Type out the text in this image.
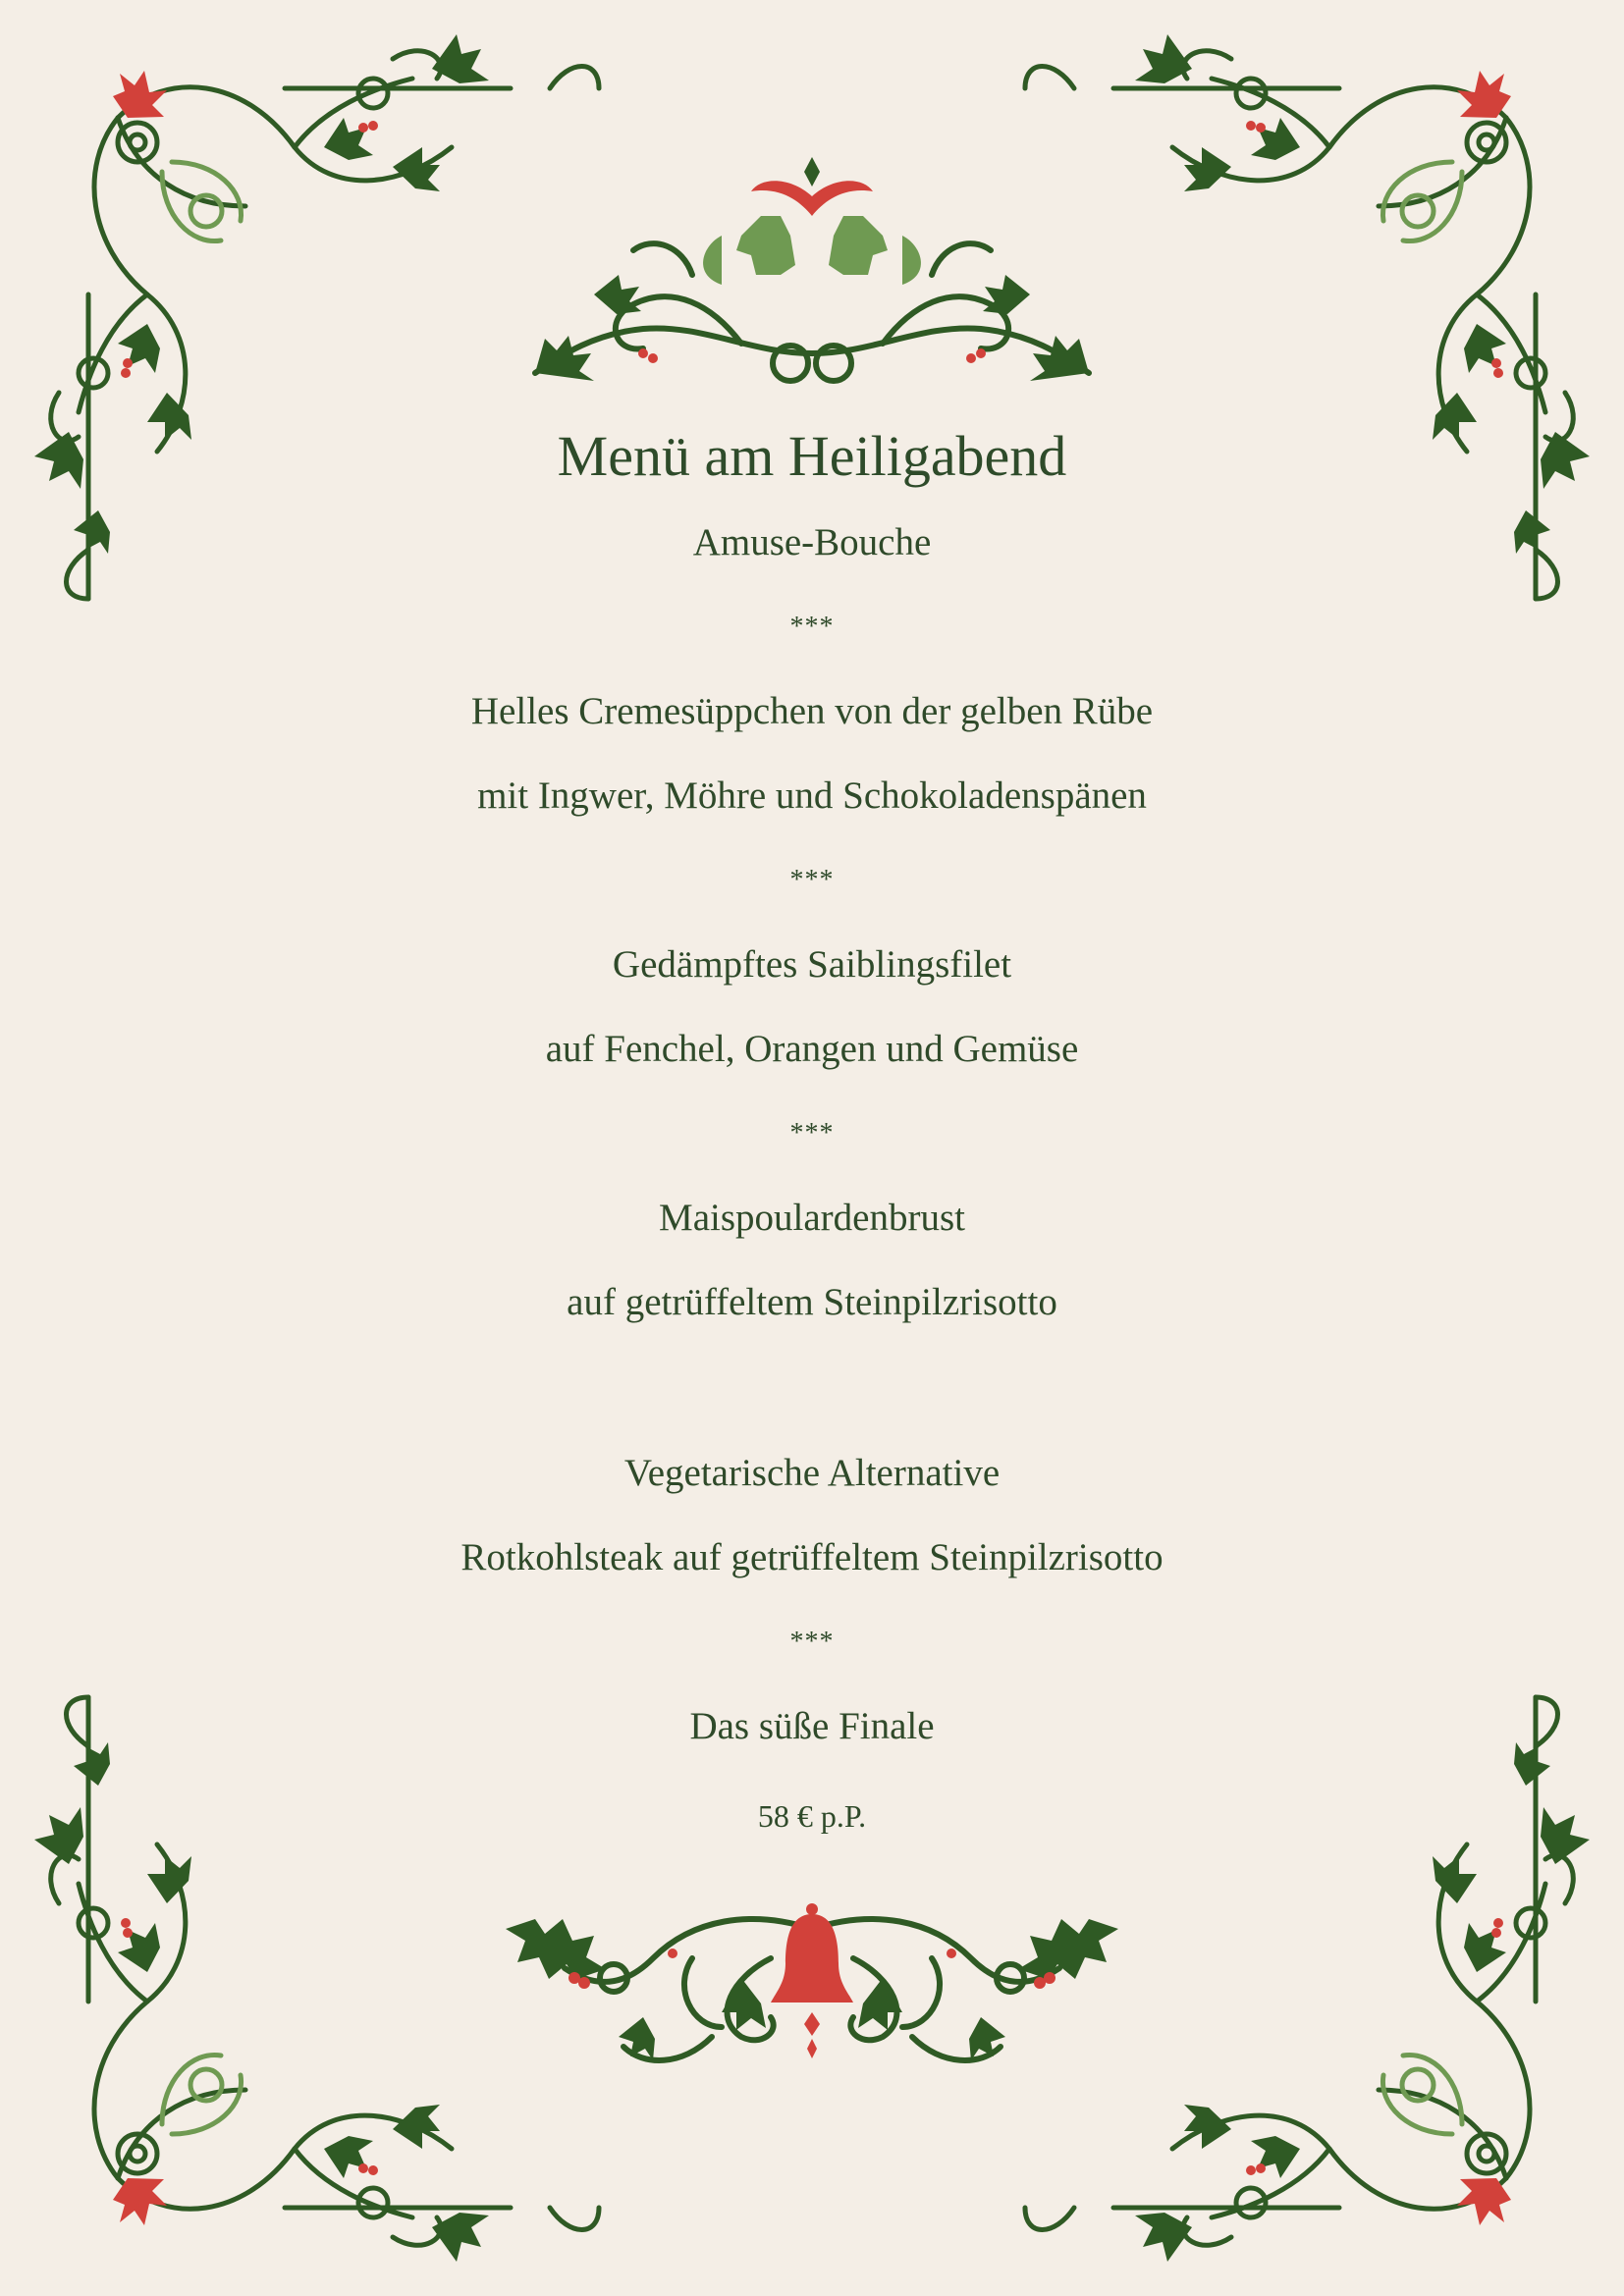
Menü am Heiligabend
Amuse-Bouche
***
Helles Cremesüppchen von der gelben Rübe
mit Ingwer, Möhre und Schokoladenspänen
***
Gedämpftes Saiblingsfilet
auf Fenchel, Orangen und Gemüse
***
Maispoulardenbrust
auf getrüffeltem Steinpilzrisotto
Vegetarische Alternative
Rotkohlsteak auf getrüffeltem Steinpilzrisotto
***
Das süße Finale
58 € p.P.
